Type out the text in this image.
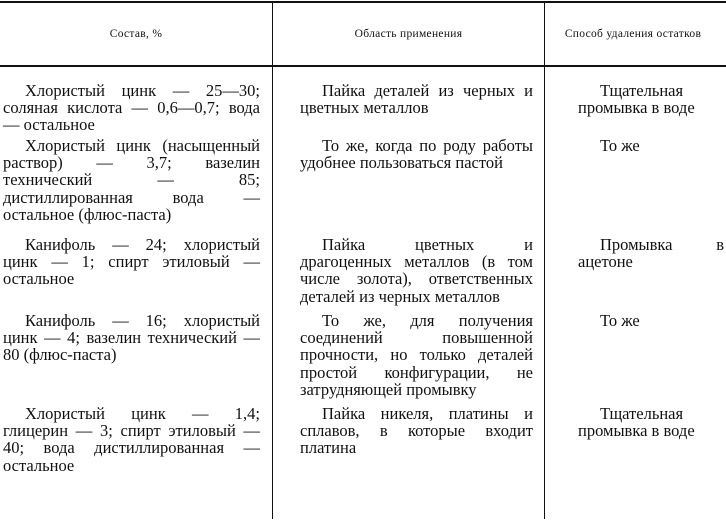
Состав, %	Область применения	Способ удаления остатков
Хлористый цинк — 25—30; соляная кислота — 0,6—0,7; вода — остальное
Пайка деталей из черных и цветных металлов
Тщательная промывка в воде
Хлористый цинк (насыщенный раствор) — 3,7; вазелин технический — 85; дистиллированная вода — остальное (флюс-паста)
То же, когда по роду работы удобнее пользоваться пастой
То же
Канифоль — 24; хлористый цинк — 1; спирт этиловый — остальное
Пайка цветных и драгоценных металлов (в том числе золота), ответственных деталей из черных металлов
Промывка в ацетоне
Канифоль — 16; хлористый цинк — 4; вазелин технический — 80 (флюс-паста)
То же, для получения соединений повышенной прочности, но только деталей простой конфигурации, не затрудняющей промывку
То же
Хлористый цинк — 1,4; глицерин — 3; спирт этиловый — 40; вода дистиллированная — остальное
Пайка никеля, платины и сплавов, в которые входит платина
Тщательная промывка в воде
